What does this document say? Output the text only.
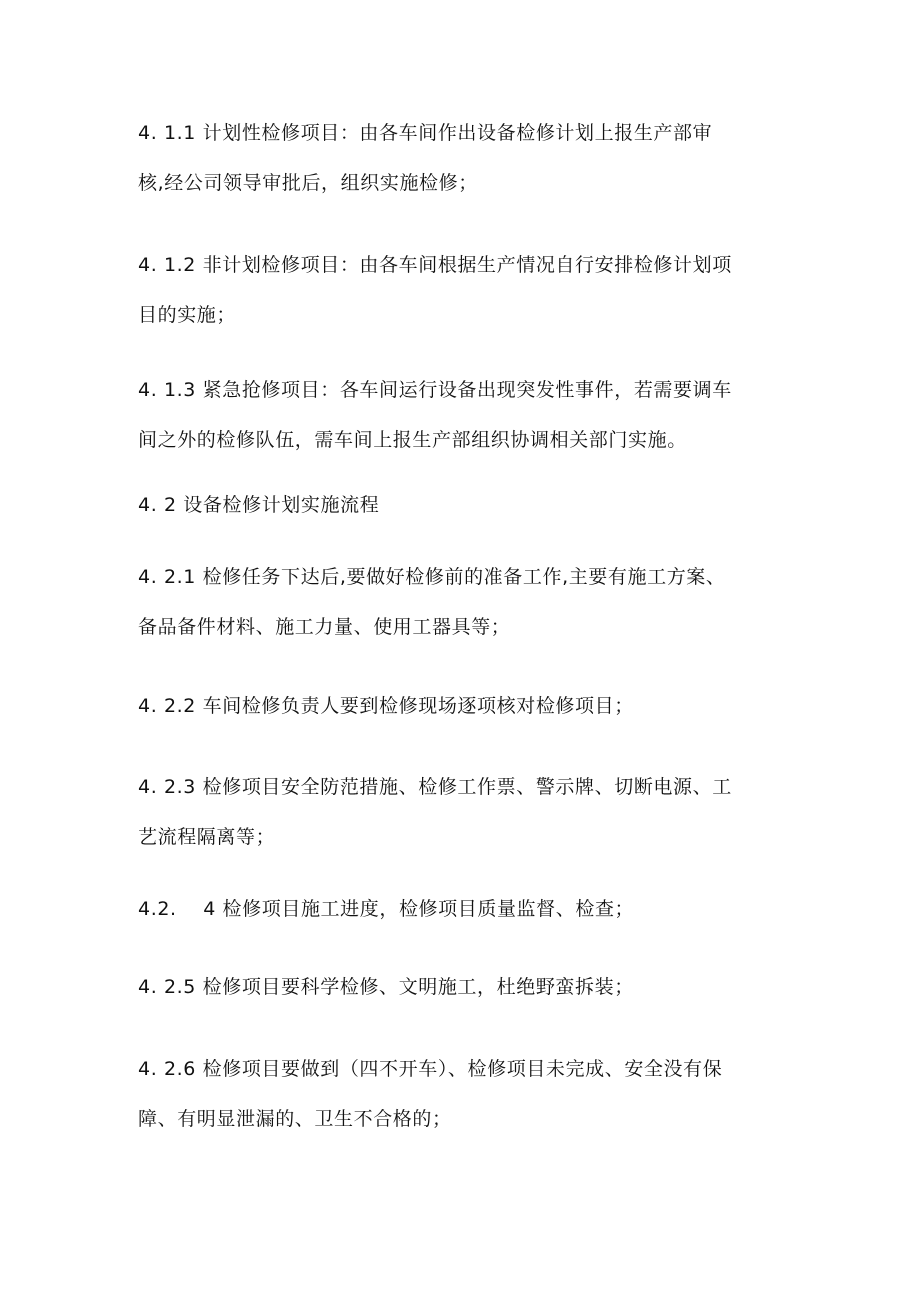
4. 1.1 计划性检修项目：由各车间作出设备检修计划上报生产部审
核,经公司领导审批后，组织实施检修；

4. 1.2 非计划检修项目：由各车间根据生产情况自行安排检修计划项
目的实施；

4. 1.3 紧急抢修项目：各车间运行设备出现突发性事件，若需要调车
间之外的检修队伍，需车间上报生产部组织协调相关部门实施。

4. 2 设备检修计划实施流程

4. 2.1 检修任务下达后,要做好检修前的准备工作,主要有施工方案、
备品备件材料、施工力量、使用工器具等；

4. 2.2 车间检修负责人要到检修现场逐项核对检修项目；

4. 2.3 检修项目安全防范措施、检修工作票、警示牌、切断电源、工
艺流程隔离等；

4.2.    4 检修项目施工进度，检修项目质量监督、检查；

4. 2.5 检修项目要科学检修、文明施工，杜绝野蛮拆装；

4. 2.6 检修项目要做到（四不开车）、检修项目未完成、安全没有保
障、有明显泄漏的、卫生不合格的；
